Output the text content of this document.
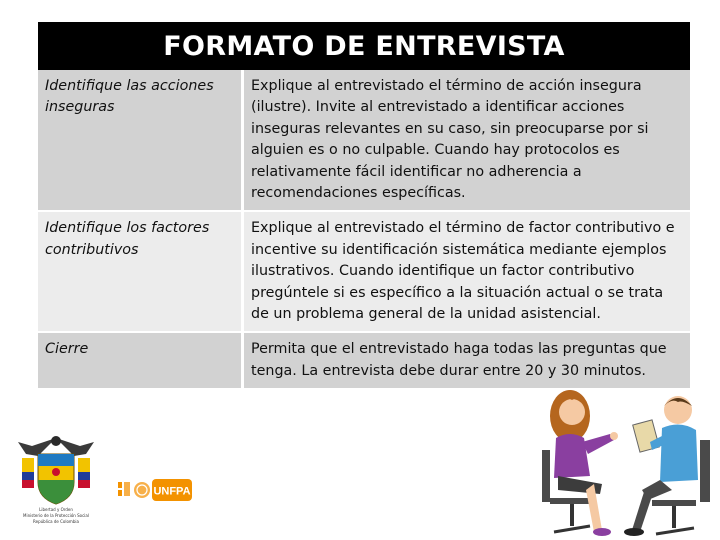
FORMATO DE ENTREVISTA
Identifique las acciones inseguras	Explique al entrevistado el término de acción insegura (ilustre). Invite al entrevistado a identificar acciones inseguras relevantes en su caso, sin preocuparse por si alguien es o no culpable. Cuando hay protocolos es relativamente fácil identificar no adherencia a recomendaciones específicas.
Identifique los factores contributivos	Explique al entrevistado el término de factor contributivo e incentive su identificación sistemática mediante ejemplos ilustrativos. Cuando identifique un factor contributivo pregúntele si es específico a la situación actual o se trata de un problema general de la unidad asistencial.
Cierre	Permita que el entrevistado haga todas las preguntas que tenga. La entrevista debe durar entre 20 y 30 minutos.
Libertad y Orden
Ministerio de la Protección Social
República de Colombia
UNFPA
